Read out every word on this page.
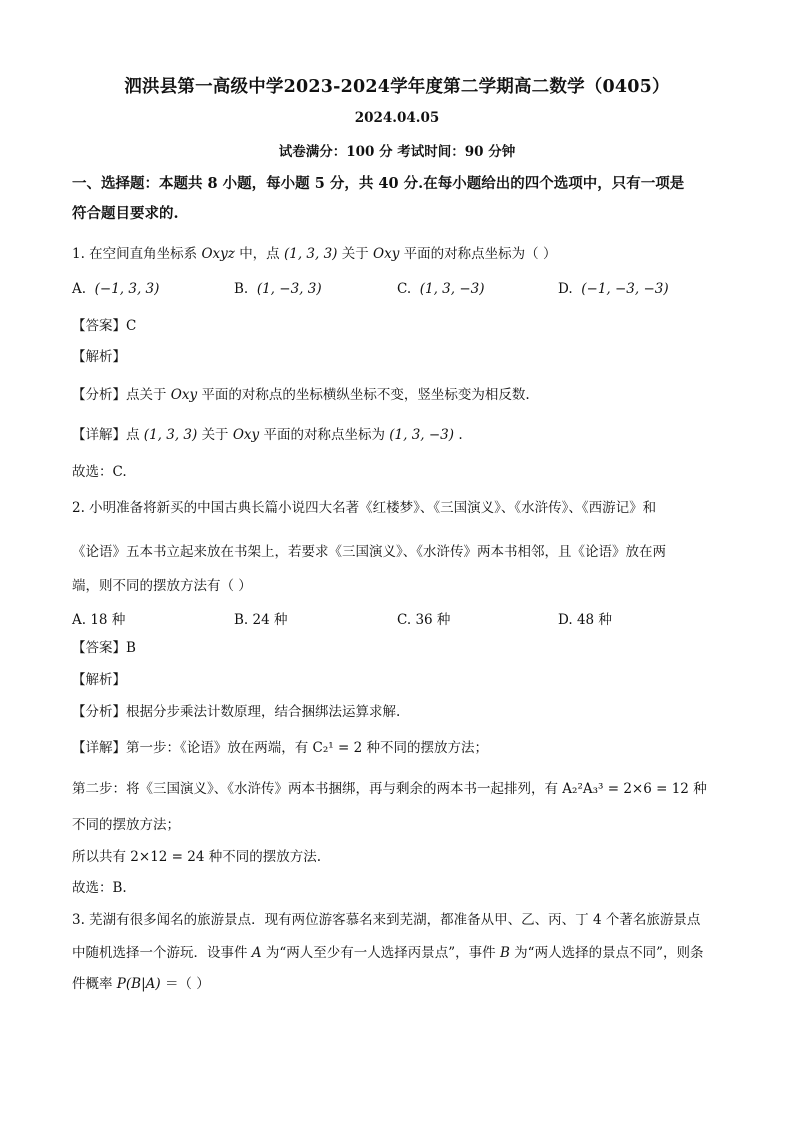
泗洪县第一高级中学2023-2024学年度第二学期高二数学（0405）
2024.04.05
试卷满分：100 分 考试时间：90 分钟
一、选择题：本题共 8 小题，每小题 5 分，共 40 分.在每小题给出的四个选项中，只有一项是
符合题目要求的.
1. 在空间直角坐标系 Oxyz 中，点 (1, 3, 3) 关于 Oxy 平面的对称点坐标为（ ）
A. (−1, 3, 3)	B. (1, −3, 3)	C. (1, 3, −3)	D. (−1, −3, −3)
【答案】C
【解析】
【分析】点关于 Oxy 平面的对称点的坐标横纵坐标不变，竖坐标变为相反数.
【详解】点 (1, 3, 3) 关于 Oxy 平面的对称点坐标为 (1, 3, −3) .
故选：C.
2. 小明准备将新买的中国古典长篇小说四大名著《红楼梦》、《三国演义》、《水浒传》、《西游记》和
《论语》五本书立起来放在书架上，若要求《三国演义》、《水浒传》两本书相邻，且《论语》放在两
端，则不同的摆放方法有（ ）
A. 18 种	B. 24 种	C. 36 种	D. 48 种
【答案】B
【解析】
【分析】根据分步乘法计数原理，结合捆绑法运算求解.
【详解】第一步：《论语》放在两端，有 C₂¹ = 2 种不同的摆放方法；
第二步：将《三国演义》、《水浒传》两本书捆绑，再与剩余的两本书一起排列，有 A₂²A₃³ = 2×6 = 12 种
不同的摆放方法；
所以共有 2×12 = 24 种不同的摆放方法.
故选：B.
3. 芜湖有很多闻名的旅游景点．现有两位游客慕名来到芜湖，都准备从甲、乙、丙、丁 4 个著名旅游景点
中随机选择一个游玩．设事件 A 为“两人至少有一人选择丙景点”，事件 B 为“两人选择的景点不同”，则条
件概率 P(B|A) ＝（ ）
